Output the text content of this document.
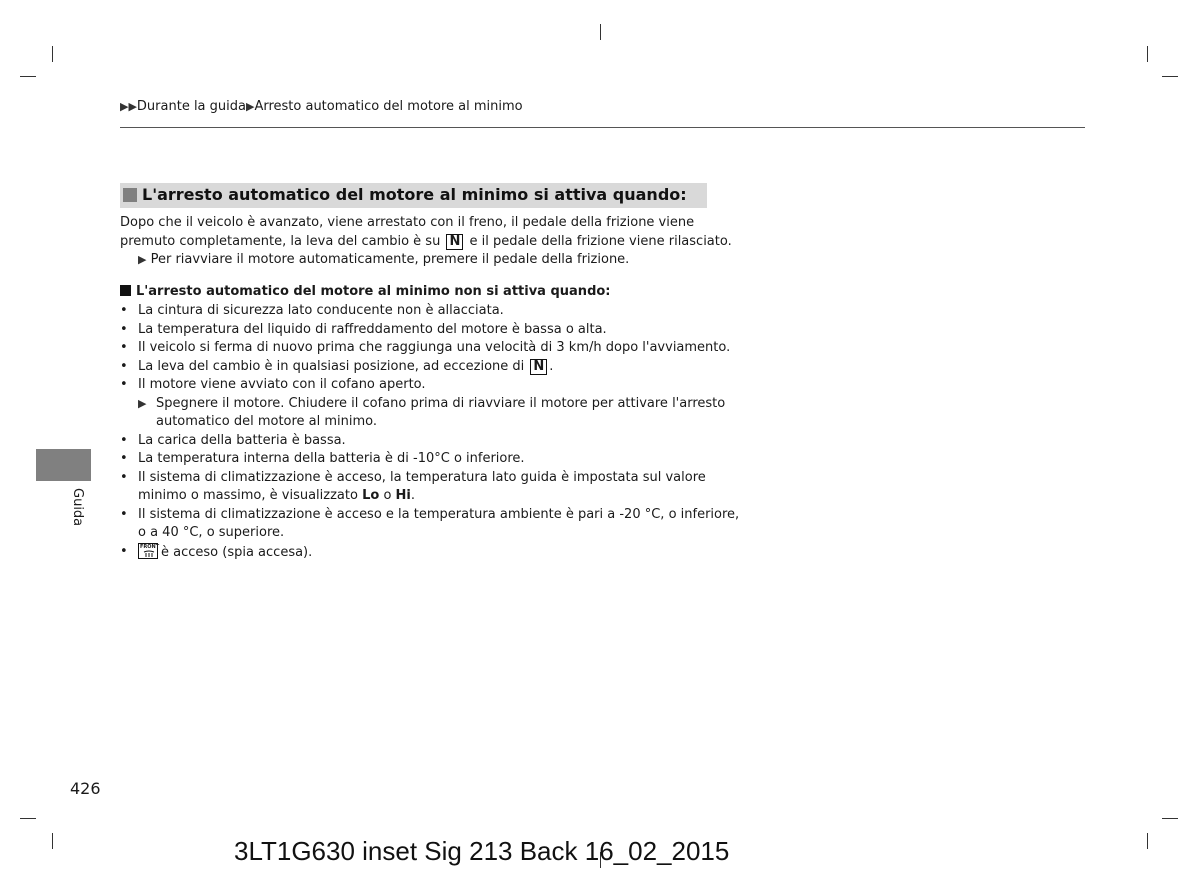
▶▶Durante la guida▶Arresto automatico del motore al minimo
L'arresto automatico del motore al minimo si attiva quando:
Dopo che il veicolo è avanzato, viene arrestato con il freno, il pedale della frizione viene
premuto completamente, la leva del cambio è su N e il pedale della frizione viene rilasciato.
▶ Per riavviare il motore automaticamente, premere il pedale della frizione.
L'arresto automatico del motore al minimo non si attiva quando:
• La cintura di sicurezza lato conducente non è allacciata.
• La temperatura del liquido di raffreddamento del motore è bassa o alta.
• Il veicolo si ferma di nuovo prima che raggiunga una velocità di 3 km/h dopo l'avviamento.
• La leva del cambio è in qualsiasi posizione, ad eccezione di N .
• Il motore viene avviato con il cofano aperto.
▶ Spegnere il motore. Chiudere il cofano prima di riavviare il motore per attivare l'arresto
automatico del motore al minimo.
• La carica della batteria è bassa.
• La temperatura interna della batteria è di -10°C o inferiore.
• Il sistema di climatizzazione è acceso, la temperatura lato guida è impostata sul valore
minimo o massimo, è visualizzato Lo o Hi.
• Il sistema di climatizzazione è acceso e la temperatura ambiente è pari a -20 °C, o inferiore,
o a 40 °C, o superiore.
• FRONT è acceso (spia accesa).
Guida
426
3LT1G630 inset Sig 213 Back 16_02_2015
